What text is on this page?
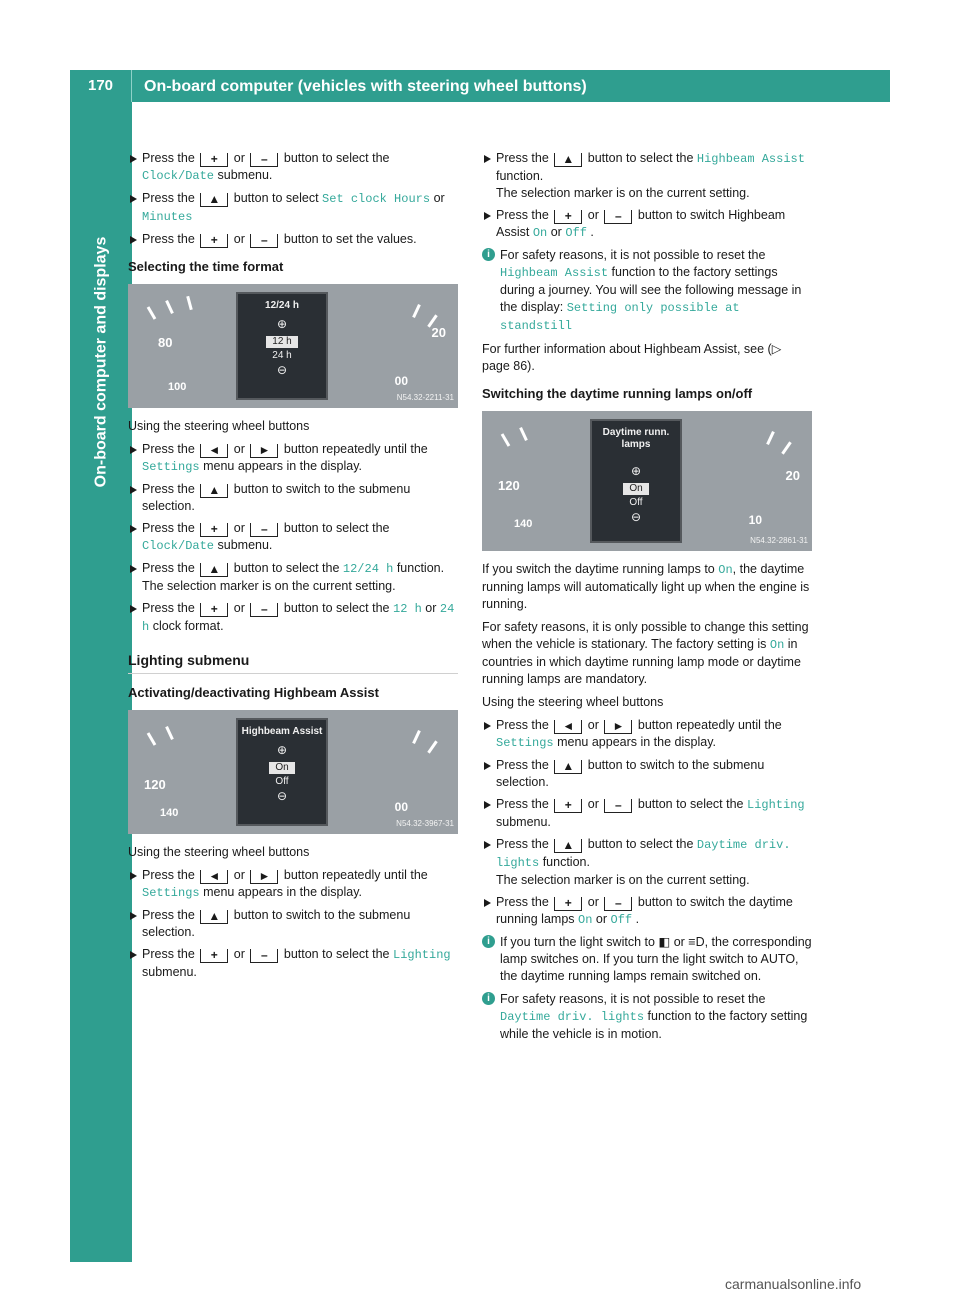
170	On-board computer (vehicles with steering wheel buttons)
On-board computer and displays
Press the + or – button to select the Clock/Date submenu.
Press the ▲ button to select Set clock Hours or Minutes
Press the + or – button to set the values.
Selecting the time format
80
100
12/24 h
⊕
12 h
24 h
⊖
20
00
N54.32-2211-31

Using the steering wheel buttons

Press the ◄ or ► button repeatedly until the Settings menu appears in the display.
Press the ▲ button to switch to the submenu selection.
Press the + or – button to select the Clock/Date submenu.
Press the ▲ button to select the 12/24 h function.
The selection marker is on the current setting.
Press the + or – button to select the 12 h or 24 h clock format.
Lighting submenu
Activating/deactivating Highbeam Assist
120
140
Highbeam Assist
⊕
On
Off
⊖
00
N54.32-3967-31

Using the steering wheel buttons

Press the ◄ or ► button repeatedly until the Settings menu appears in the display.
Press the ▲ button to switch to the submenu selection.
Press the + or – button to select the Lighting submenu.
Press the ▲ button to select the Highbeam Assist function.
The selection marker is on the current setting.
Press the + or – button to switch Highbeam Assist On or Off .
i For safety reasons, it is not possible to reset the Highbeam Assist function to the factory settings during a journey. You will see the following message in the display: Setting only possible at standstill

For further information about Highbeam Assist, see (▷ page 86).

Switching the daytime running lamps on/off
120
140
Daytime runn. lamps
⊕
On
Off
⊖
20
10
N54.32-2861-31

If you switch the daytime running lamps to On, the daytime running lamps will automatically light up when the engine is running.

For safety reasons, it is only possible to change this setting when the vehicle is stationary. The factory setting is On in countries in which daytime running lamp mode or daytime running lamps are mandatory.

Using the steering wheel buttons

Press the ◄ or ► button repeatedly until the Settings menu appears in the display.
Press the ▲ button to switch to the submenu selection.
Press the + or – button to select the Lighting submenu.
Press the ▲ button to select the Daytime driv. lights function.
The selection marker is on the current setting.
Press the + or – button to switch the daytime running lamps On or Off .
i If you turn the light switch to ◧ or ≡D, the corresponding lamp switches on. If you turn the light switch to AUTO, the daytime running lamps remain switched on.
i For safety reasons, it is not possible to reset the Daytime driv. lights function to the factory setting while the vehicle is in motion.
carmanualsonline.info
